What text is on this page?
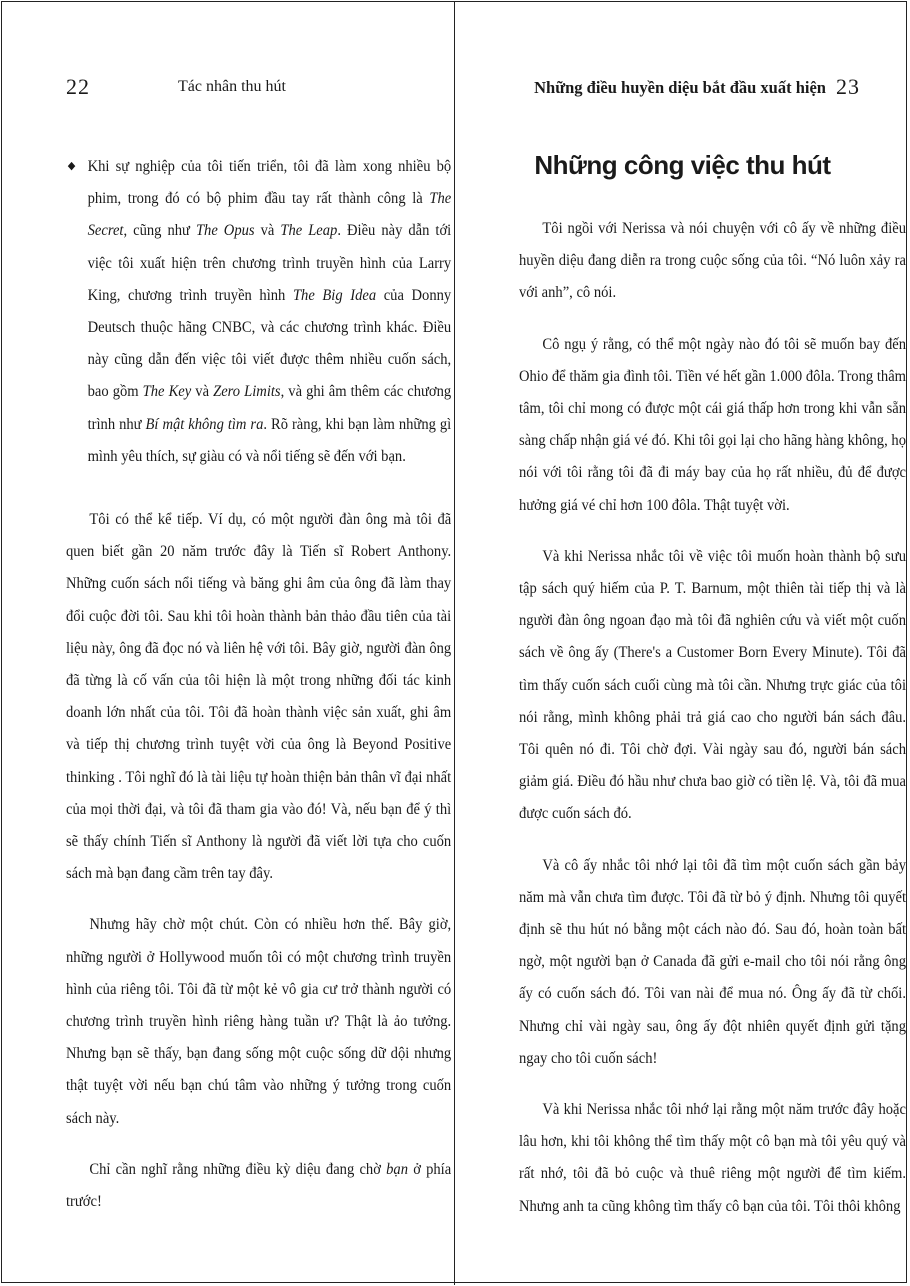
22	Tác nhân thu hút

◆ Khi sự nghiệp của tôi tiến triển, tôi đã làm xong nhiều bộ phim, trong đó có bộ phim đầu tay rất thành công là The Secret, cũng như The Opus và The Leap. Điều này dẫn tới việc tôi xuất hiện trên chương trình truyền hình của Larry King, chương trình truyền hình The Big Idea của Donny Deutsch thuộc hãng CNBC, và các chương trình khác. Điều này cũng dẫn đến việc tôi viết được thêm nhiều cuốn sách, bao gồm The Key và Zero Limits, và ghi âm thêm các chương trình như Bí mật không tìm ra. Rõ ràng, khi bạn làm những gì mình yêu thích, sự giàu có và nổi tiếng sẽ đến với bạn.

Tôi có thể kể tiếp. Ví dụ, có một người đàn ông mà tôi đã quen biết gần 20 năm trước đây là Tiến sĩ Robert Anthony. Những cuốn sách nổi tiếng và băng ghi âm của ông đã làm thay đổi cuộc đời tôi. Sau khi tôi hoàn thành bản thảo đầu tiên của tài liệu này, ông đã đọc nó và liên hệ với tôi. Bây giờ, người đàn ông đã từng là cố vấn của tôi hiện là một trong những đối tác kinh doanh lớn nhất của tôi. Tôi đã hoàn thành việc sản xuất, ghi âm và tiếp thị chương trình tuyệt vời của ông là Beyond Positive thinking . Tôi nghĩ đó là tài liệu tự hoàn thiện bản thân vĩ đại nhất của mọi thời đại, và tôi đã tham gia vào đó! Và, nếu bạn để ý thì sẽ thấy chính Tiến sĩ Anthony là người đã viết lời tựa cho cuốn sách mà bạn đang cầm trên tay đây.

Nhưng hãy chờ một chút. Còn có nhiều hơn thế. Bây giờ, những người ở Hollywood muốn tôi có một chương trình truyền hình của riêng tôi. Tôi đã từ một kẻ vô gia cư trở thành người có chương trình truyền hình riêng hàng tuần ư? Thật là ảo tưởng. Nhưng bạn sẽ thấy, bạn đang sống một cuộc sống dữ dội nhưng thật tuyệt vời nếu bạn chú tâm vào những ý tưởng trong cuốn sách này.

Chỉ cần nghĩ rằng những điều kỳ diệu đang chờ bạn ở phía trước!

Những điều huyền diệu bắt đầu xuất hiện 23
Những công việc thu hút

Tôi ngồi với Nerissa và nói chuyện với cô ấy về những điều huyền diệu đang diễn ra trong cuộc sống của tôi. “Nó luôn xảy ra với anh”, cô nói.

Cô ngụ ý rằng, có thể một ngày nào đó tôi sẽ muốn bay đến Ohio để thăm gia đình tôi. Tiền vé hết gần 1.000 đôla. Trong thâm tâm, tôi chỉ mong có được một cái giá thấp hơn trong khi vẫn sẵn sàng chấp nhận giá vé đó. Khi tôi gọi lại cho hãng hàng không, họ nói với tôi rằng tôi đã đi máy bay của họ rất nhiều, đủ để được hưởng giá vé chỉ hơn 100 đôla. Thật tuyệt vời.

Và khi Nerissa nhắc tôi về việc tôi muốn hoàn thành bộ sưu tập sách quý hiếm của P. T. Barnum, một thiên tài tiếp thị và là người đàn ông ngoan đạo mà tôi đã nghiên cứu và viết một cuốn sách về ông ấy (There's a Customer Born Every Minute). Tôi đã tìm thấy cuốn sách cuối cùng mà tôi cần. Nhưng trực giác của tôi nói rằng, mình không phải trả giá cao cho người bán sách đâu. Tôi quên nó đi. Tôi chờ đợi. Vài ngày sau đó, người bán sách giảm giá. Điều đó hầu như chưa bao giờ có tiền lệ. Và, tôi đã mua được cuốn sách đó.

Và cô ấy nhắc tôi nhớ lại tôi đã tìm một cuốn sách gần bảy năm mà vẫn chưa tìm được. Tôi đã từ bỏ ý định. Nhưng tôi quyết định sẽ thu hút nó bằng một cách nào đó. Sau đó, hoàn toàn bất ngờ, một người bạn ở Canada đã gửi e-mail cho tôi nói rằng ông ấy có cuốn sách đó. Tôi van nài để mua nó. Ông ấy đã từ chối. Nhưng chỉ vài ngày sau, ông ấy đột nhiên quyết định gửi tặng ngay cho tôi cuốn sách!

Và khi Nerissa nhắc tôi nhớ lại rằng một năm trước đây hoặc lâu hơn, khi tôi không thể tìm thấy một cô bạn mà tôi yêu quý và rất nhớ, tôi đã bỏ cuộc và thuê riêng một người để tìm kiếm. Nhưng anh ta cũng không tìm thấy cô bạn của tôi. Tôi thôi không
